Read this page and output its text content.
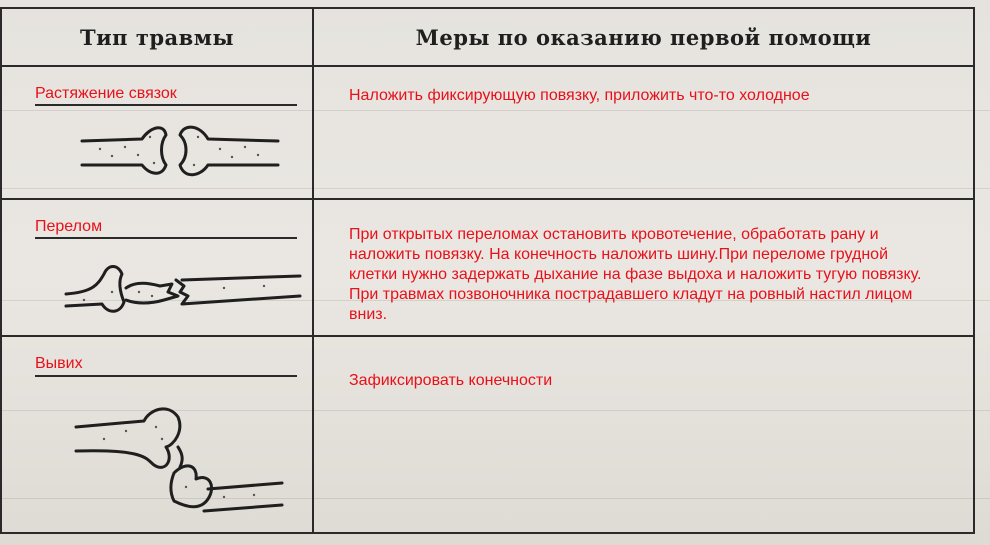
Тип травмы	Меры по оказанию первой помощи

Растяжение связок	Наложить фиксирующую повязку, приложить что-то холодное

Перелом	При открытых переломах остановить кровотечение, обработать рану и наложить повязку. На конечность наложить шину.При переломе грудной клетки нужно задержать дыхание на фазе выдоха и наложить тугую повязку. При травмах позвоночника пострадавшего кладут на ровный настил лицом вниз.

Вывих	Зафиксировать конечности
